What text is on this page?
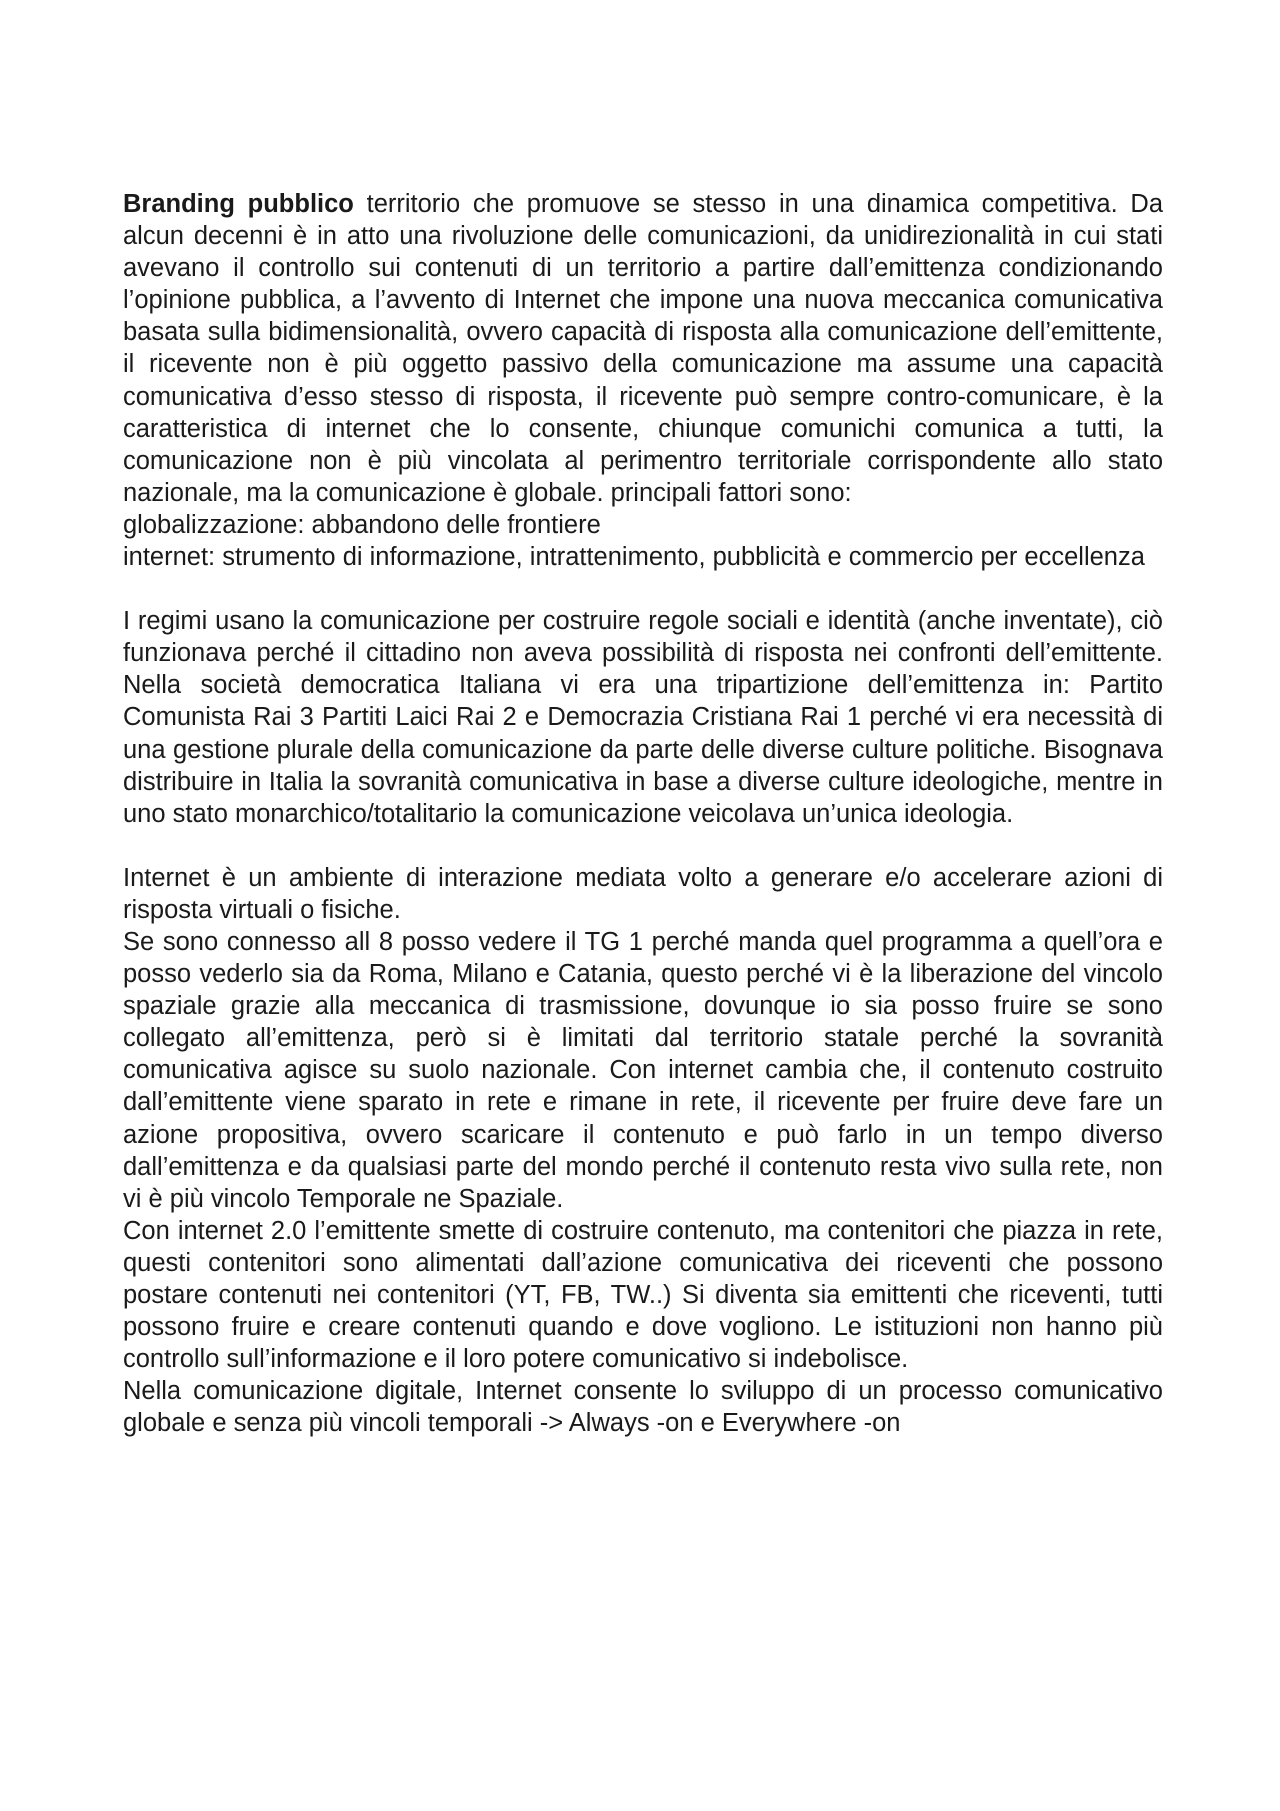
Branding pubblico territorio che promuove se stesso in una dinamica competitiva. Da alcun decenni è in atto una rivoluzione delle comunicazioni, da unidirezionalità in cui stati avevano il controllo sui contenuti di un territorio a partire dall’emittenza condizionando l’opinione pubblica, a l’avvento di Internet che impone una nuova meccanica comunicativa basata sulla bidimensionalità, ovvero capacità di risposta alla comunicazione dell’emittente, il ricevente non è più oggetto passivo della comunicazione ma assume una capacità comunicativa d’esso stesso di risposta, il ricevente può sempre contro-comunicare, è la caratteristica di internet che lo consente, chiunque comunichi comunica a tutti, la comunicazione non è più vincolata al perimentro territoriale corrispondente allo stato nazionale, ma la comunicazione è globale. principali fattori sono:

globalizzazione: abbandono delle frontiere

internet: strumento di informazione, intrattenimento, pubblicità e commercio per eccellenza

I regimi usano la comunicazione per costruire regole sociali e identità (anche inventate), ciò funzionava perché il cittadino non aveva possibilità di risposta nei confronti dell’emittente. Nella società democratica Italiana vi era una tripartizione dell’emittenza in: Partito Comunista Rai 3 Partiti Laici Rai 2 e Democrazia Cristiana Rai 1 perché vi era necessità di una gestione plurale della comunicazione da parte delle diverse culture politiche. Bisognava distribuire in Italia la sovranità comunicativa in base a diverse culture ideologiche, mentre in uno stato monarchico/totalitario la comunicazione veicolava un’unica ideologia.

Internet è un ambiente di interazione mediata volto a generare e/o accelerare azioni di risposta virtuali o fisiche.

Se sono connesso all 8 posso vedere il TG 1 perché manda quel programma a quell’ora e posso vederlo sia da Roma, Milano e Catania, questo perché vi è la liberazione del vincolo spaziale grazie alla meccanica di trasmissione, dovunque io sia posso fruire se sono collegato all’emittenza, però si è limitati dal territorio statale perché la sovranità comunicativa agisce su suolo nazionale. Con internet cambia che, il contenuto costruito dall’emittente viene sparato in rete e rimane in rete, il ricevente per fruire deve fare un azione propositiva, ovvero scaricare il contenuto e può farlo in un tempo diverso dall’emittenza e da qualsiasi parte del mondo perché il contenuto resta vivo sulla rete, non vi è più vincolo Temporale ne Spaziale.

Con internet 2.0 l’emittente smette di costruire contenuto, ma contenitori che piazza in rete, questi contenitori sono alimentati dall’azione comunicativa dei riceventi che possono postare contenuti nei contenitori (YT, FB, TW..) Si diventa sia emittenti che riceventi, tutti possono fruire e creare contenuti quando e dove vogliono. Le istituzioni non hanno più controllo sull’informazione e il loro potere comunicativo si indebolisce.

Nella comunicazione digitale, Internet consente lo sviluppo di un processo comunicativo globale e senza più vincoli temporali -> Always -on e Everywhere -on
